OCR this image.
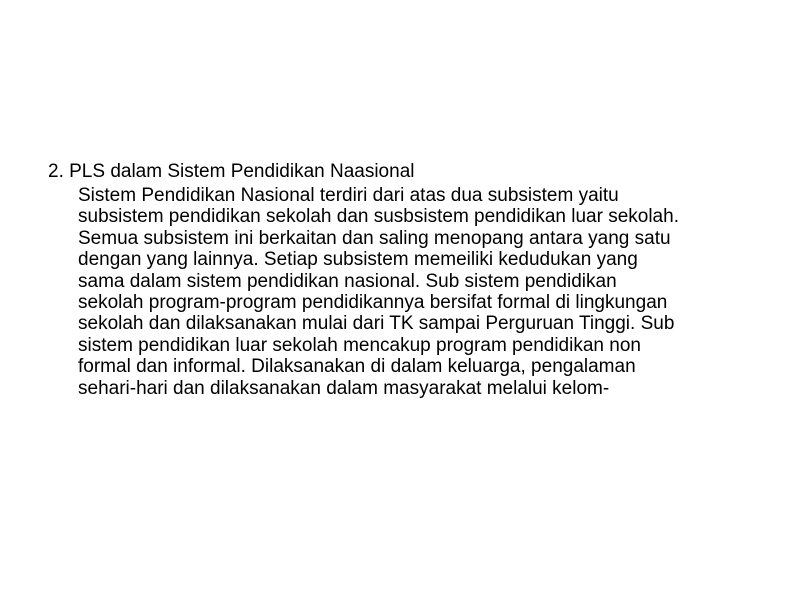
2. PLS dalam Sistem Pendidikan Naasional

Sistem Pendidikan Nasional terdiri dari atas dua subsistem yaitu
subsistem pendidikan sekolah dan susbsistem pendidikan luar sekolah.
Semua subsistem ini berkaitan dan saling menopang antara yang satu
dengan yang lainnya. Setiap subsistem memeiliki kedudukan yang
sama dalam sistem pendidikan nasional. Sub sistem pendidikan
sekolah program-program pendidikannya bersifat formal di lingkungan
sekolah dan dilaksanakan mulai dari TK sampai Perguruan Tinggi. Sub
sistem pendidikan luar sekolah mencakup program pendidikan non
formal dan informal. Dilaksanakan di dalam keluarga, pengalaman
sehari-hari dan dilaksanakan dalam masyarakat melalui kelom-
